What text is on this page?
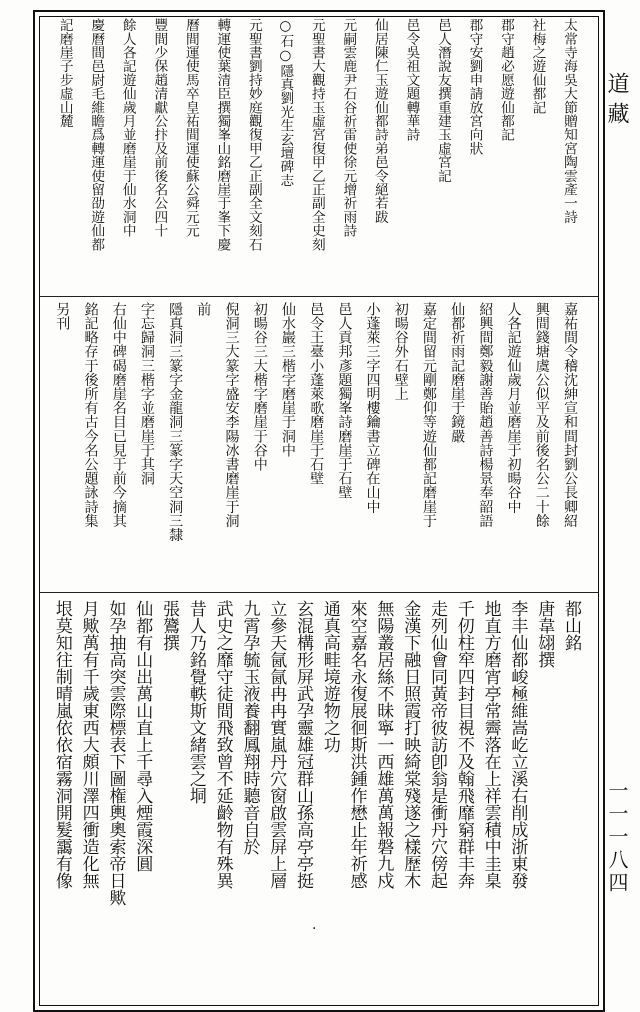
道藏
一一一八四
太常寺海吳大節贈知宮陶雲產一詩
社梅之遊仙都記
郡守趙必愿遊仙都記
郡守安劉申請放宮向狀
邑人潛說友撰重建玉虛宮記
邑令吳祖文題轉華詩
仙居陳仁玉遊仙都詩弟邑令絕若跋
元嗣雲鹿尹石谷祈雷使徐元增祈雨詩
元聖書大觀持玉虛宮復甲乙正副全史刻
○石○隱真劉光生玄壇碑志
元聖書劉持妙庭觀復甲乙正副全文刻石
轉運使葉清臣撰獨峯山銘磨崖于峯下慶
曆間運使馬卒皇祐間運使蘇公舜元元
豐間少保趙清獻公抃及前後名公四十
餘人各記遊仙歲月並磨崖于仙水洞中
慶曆間邑尉毛維瞻爲轉運使留劭遊仙都
記磨崖子步虛山麓
嘉祐間令稽沈紳宣和間封劉公長卿紹
興間錢塘虞公似平及前後名公二十餘
人各記遊仙歲月並磨崖于初暘谷中
紹興間鄭毅謝善貽趙善詩楊景奉韶語
仙都祈雨記磨崖于鏡嚴
嘉定間留元剛鄭仰等遊仙都記磨崖于
初暘谷外石壁上
小蓬萊三字四明樓鑰書立碑在山中
邑人貢邦彥題獨峯詩磨崖于石壁
邑令王臺小蓬萊歌磨崖于石壁
仙水巖三楷字磨崖于洞中
初暘谷三大楷字磨崖于谷中
倪洞三大篆字盛安李陽冰書磨崖于洞
前
隱真洞三篆字金龍洞三篆字天空洞三隸
字忘歸洞三楷字並磨崖于其洞
右仙中碑碣磨崖名目已見于前今摘其
銘記略存于後所有古今名公題詠詩集
另刊
都山銘
唐韋翃撰
李丰仙都峻極維嵩屹立溪右削成浙東發
地直方磨宵亭常霽落在上祥雲積中圭臬
千仞柱窂四封目視不及翰飛靡窮群丰奔
走列仙會同黃帝彼訪卽翁是衝丹穴傍起
金漢下融日照霞打映綺棠殘遂之樣歷木
無陽叢居絲不昧寧一西雄萬萬報磐九戍
來空嘉名永復展徊斯洪鍾作懋止年祈感
通真高畦境遊物之功
玄混構形屏武孕靈雄冠群山孫高亭亭挺
立參天氤氤冉冉實嵐丹穴窗啟雲屏上層
九霄孕毓玉液養翻鳳翔時聽音自於
武史之靡守徒間飛致曾不延齡物有殊異
昔人乃銘覺軼斯文緒雲之垌
張鷟撰
仙都有山出萬山直上千尋入煙霞深圓
如孕抽高突雲際標表下圖権輿奧索帝日歟
月歟萬有千歲東西大頗川澤四衝造化無
垠莫知往制晴嵐依依宿霧洞開髮靄有像
·
